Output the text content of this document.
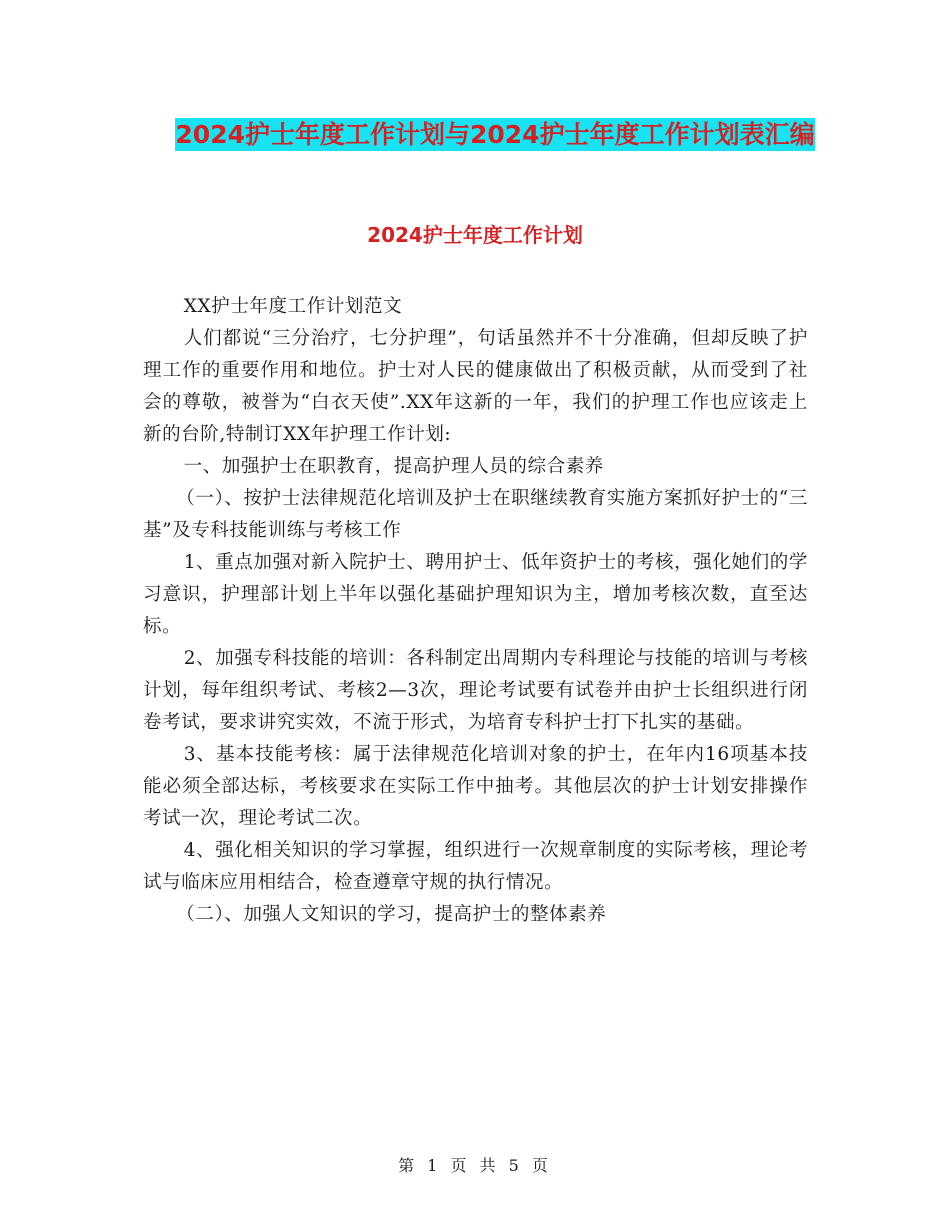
2024护士年度工作计划与2024护士年度工作计划表汇编
2024护士年度工作计划

XX护士年度工作计划范文

人们都说“三分治疗，七分护理”，句话虽然并不十分准确，但却反映了护理工作的重要作用和地位。护士对人民的健康做出了积极贡献，从而受到了社会的尊敬，被誉为“白衣天使”.XX年这新的一年，我们的护理工作也应该走上新的台阶,特制订XX年护理工作计划:

一、加强护士在职教育，提高护理人员的综合素养

（一）、按护士法律规范化培训及护士在职继续教育实施方案抓好护士的“三基”及专科技能训练与考核工作

1、重点加强对新入院护士、聘用护士、低年资护士的考核，强化她们的学习意识，护理部计划上半年以强化基础护理知识为主，增加考核次数，直至达标。

2、加强专科技能的培训：各科制定出周期内专科理论与技能的培训与考核计划，每年组织考试、考核2—3次，理论考试要有试卷并由护士长组织进行闭卷考试，要求讲究实效，不流于形式，为培育专科护士打下扎实的基础。

3、基本技能考核：属于法律规范化培训对象的护士，在年内16项基本技能必须全部达标，考核要求在实际工作中抽考。其他层次的护士计划安排操作考试一次，理论考试二次。

4、强化相关知识的学习掌握，组织进行一次规章制度的实际考核，理论考试与临床应用相结合，检查遵章守规的执行情况。

（二）、加强人文知识的学习，提高护士的整体素养

第 1 页 共 5 页
